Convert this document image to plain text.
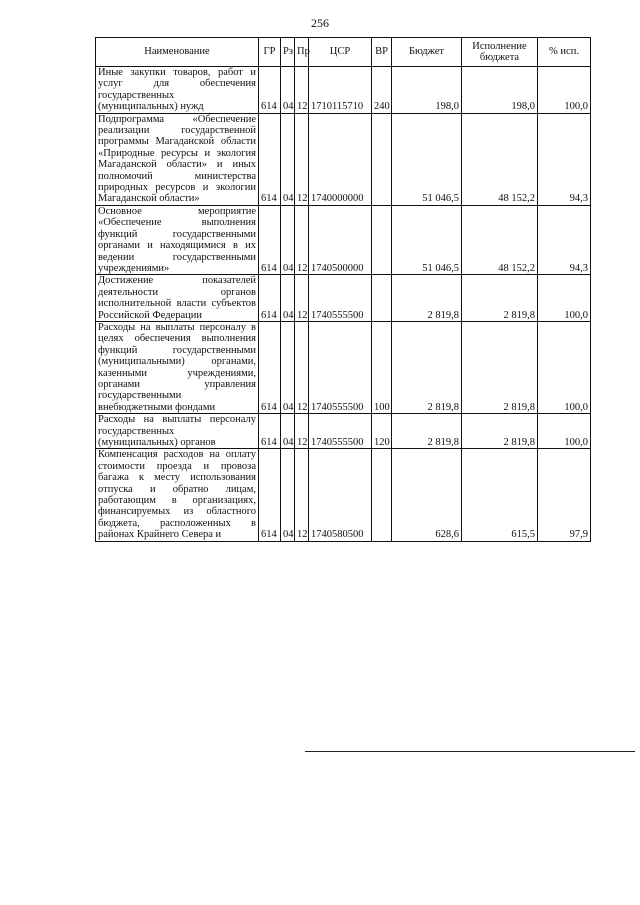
256
Наименование	ГР	Рз	Пр	ЦСР	ВР	Бюджет	Исполнение бюджета	% исп.
Иные закупки товаров, работ и услуг для обеспечения государственных (муниципальных) нужд	614	04	12	1710115710	240	198,0	198,0	100,0
Подпрограмма «Обеспечение реализации государственной программы Магаданской области «Природные ресурсы и экология Магаданской области» и иных полномочий министерства природных ресурсов и экологии Магаданской области»	614	04	12	1740000000		51 046,5	48 152,2	94,3
Основное мероприятие «Обеспечение выполнения функций государственными органами и находящимися в их ведении государственными учреждениями»	614	04	12	1740500000		51 046,5	48 152,2	94,3
Достижение показателей деятельности органов исполнительной власти субъектов Российской Федерации	614	04	12	1740555500		2 819,8	2 819,8	100,0
Расходы на выплаты персоналу в целях обеспечения выполнения функций государственными (муниципальными) органами, казенными учреждениями, органами управления государственными внебюджетными фондами	614	04	12	1740555500	100	2 819,8	2 819,8	100,0
Расходы на выплаты персоналу государственных (муниципальных) органов	614	04	12	1740555500	120	2 819,8	2 819,8	100,0
Компенсация расходов на оплату стоимости проезда и провоза багажа к месту использования отпуска и обратно лицам, работающим в организациях, финансируемых из областного бюджета, расположенных в районах Крайнего Севера и	614	04	12	1740580500		628,6	615,5	97,9
